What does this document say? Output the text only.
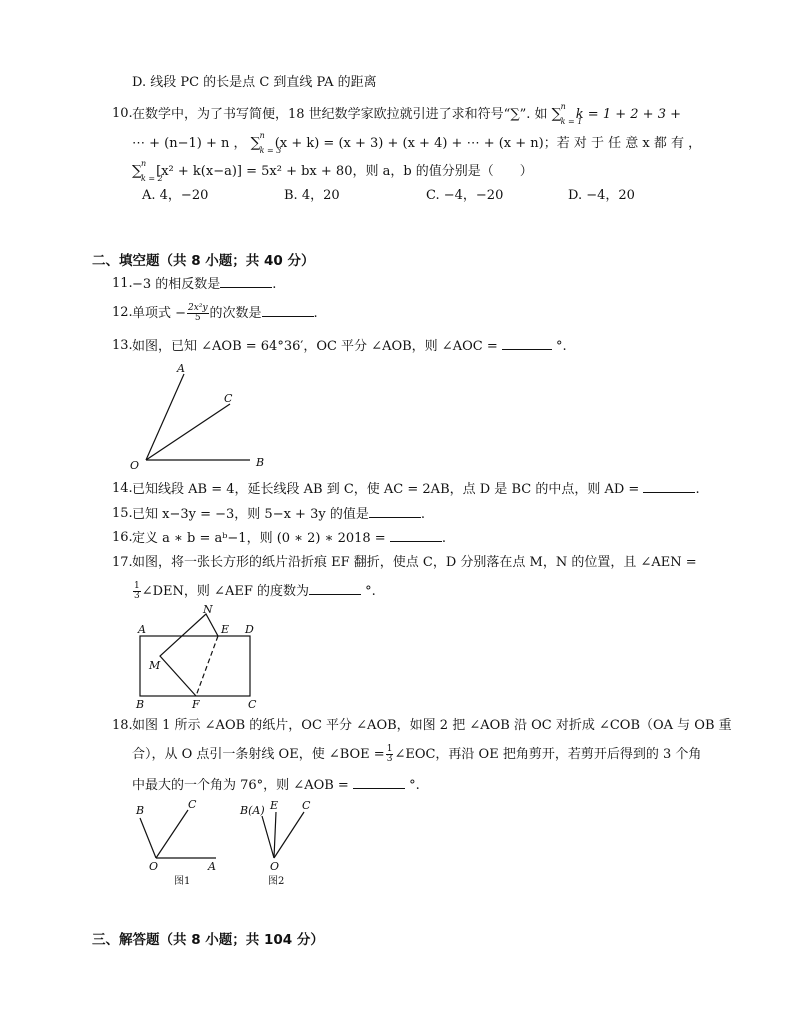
D. 线段 PC 的长是点 C 到直线 PA 的距离
10. 在数学中，为了书写简便，18 世纪数学家欧拉就引进了求和符号“∑”. 如 ∑ n
k = 1
k = 1 + 2 + 3 +
⋯ + (n−1) + n ， ∑ n
k = 3
(x + k) = (x + 3) + (x + 4) + ⋯ + (x + n)；若 对 于 任 意 x 都 有 ，
∑ n
k = 2
[x² + k(x−a)] = 5x² + bx + 80，则 a，b 的值分别是（　　）
A. 4，−20	B. 4，20	C. −4，−20	D. −4，20
二、填空题（共 8 小题；共 40 分）
11. −3 的相反数是	.
12. 单项式 − $\frac{\text{2x²y}}{5}$ 的次数是	.
13. 如图，已知 ∠AOB = 64°36′，OC 平分 ∠AOB，则 ∠AOC =	°.
A
C
O	B
14. 已知线段 AB = 4，延长线段 AB 到 C，使 AC = 2AB，点 D 是 BC 的中点，则 AD =	.
15. 已知 x−3y = −3，则 5−x + 3y 的值是	.
16. 定义 a ∗ b = aᵇ−1，则 (0 ∗ 2) ∗ 2018 =	.
17. 如图，将一张长方形的纸片沿折痕 EF 翻折，使点 C，D 分别落在点 M，N 的位置，且 ∠AEN =
$\frac{1}{3}$ ∠DEN，则 ∠AEF 的度数为	°.
A
N
E D
M
B	F	C
18. 如图 1 所示 ∠AOB 的纸片，OC 平分 ∠AOB，如图 2 把 ∠AOB 沿 OC 对折成 ∠COB（OA 与 OB 重
合），从 O 点引一条射线 OE，使 ∠BOE = $\frac{1}{3}$ ∠EOC，再沿 OE 把角剪开，若剪开后得到的 3 个角
中最大的一个角为 76°，则 ∠AOB =	°.
B	C
O	A
图1
B(A) E C
O
图2
三、解答题（共 8 小题；共 104 分）
